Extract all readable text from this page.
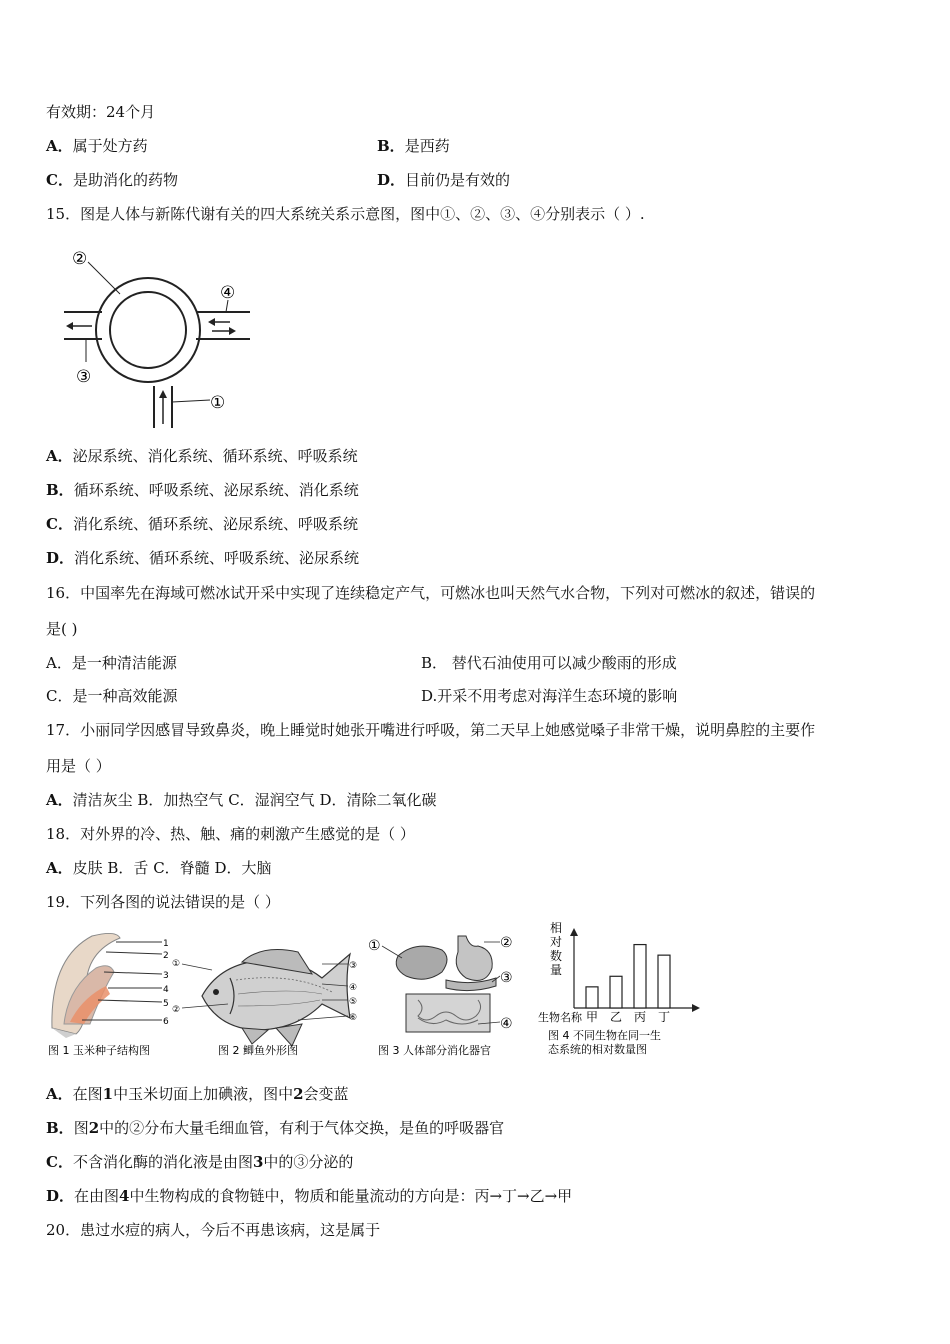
有效期：24个月
A．属于处方药	B．是西药
C．是助消化的药物	D．目前仍是有效的
15．图是人体与新陈代谢有关的四大系统关系示意图，图中①、②、③、④分别表示（ ）.
②
④
③
①
A．泌尿系统、消化系统、循环系统、呼吸系统
B．循环系统、呼吸系统、泌尿系统、消化系统
C．消化系统、循环系统、泌尿系统、呼吸系统
D．消化系统、循环系统、呼吸系统、泌尿系统
16．中国率先在海域可燃冰试开采中实现了连续稳定产气，可燃冰也叫天然气水合物，下列对可燃冰的叙述，错误的
是( )
A．是一种清洁能源	B． 替代石油使用可以减少酸雨的形成
C．是一种高效能源	D.开采不用考虑对海洋生态环境的影响
17．小丽同学因感冒导致鼻炎，晚上睡觉时她张开嘴进行呼吸，第二天早上她感觉嗓子非常干燥，说明鼻腔的主要作
用是（ ）
A．清洁灰尘 B．加热空气 C．湿润空气 D．清除二氧化碳
18．对外界的冷、热、触、痛的刺激产生感觉的是（ ）
A．皮肤 B．舌 C．脊髓 D．大脑
19．下列各图的说法错误的是（ ）
1
2
3
4
5
6
图 1 玉米种子结构图
①
②
③
④
⑤
⑥
图 2 鲫鱼外形图
①	②
③
④
图 3 人体部分消化器官
相
对
数
量
甲 乙 丙 丁
生物名称
图 4 不同生物在同一生
态系统的相对数量图
A．在图1中玉米切面上加碘液，图中2会变蓝
B．图2中的②分布大量毛细血管，有利于气体交换，是鱼的呼吸器官
C．不含消化酶的消化液是由图3中的③分泌的
D．在由图4中生物构成的食物链中，物质和能量流动的方向是：丙→丁→乙→甲
20．患过水痘的病人，今后不再患该病，这是属于
